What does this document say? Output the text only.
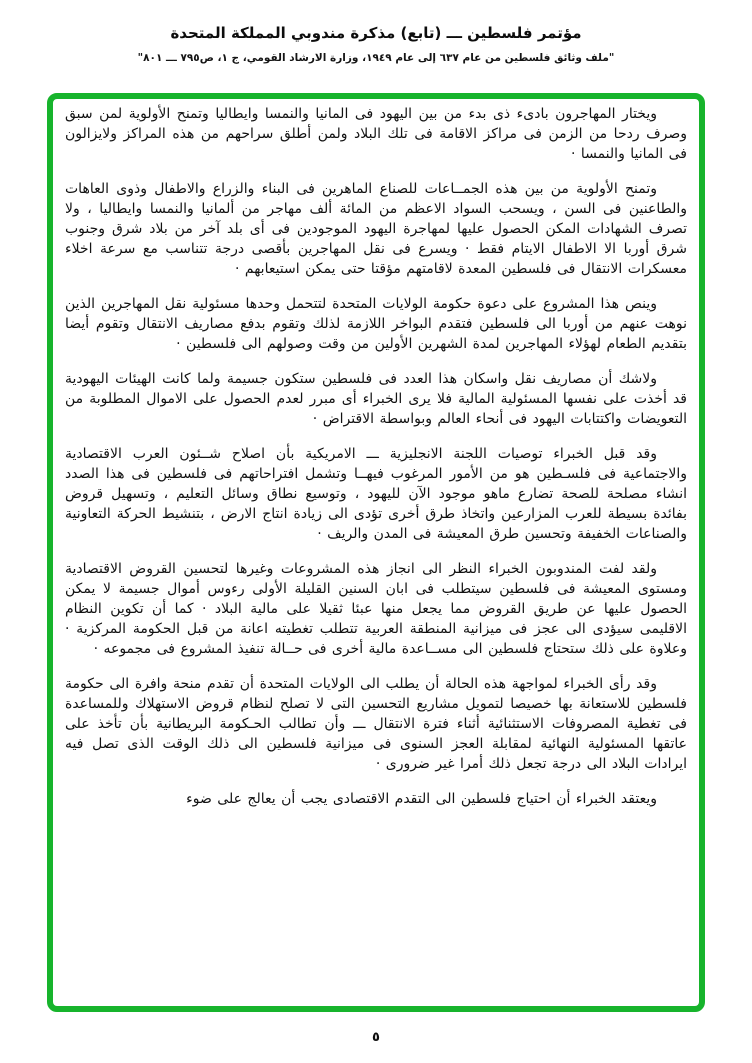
مؤتمر فلسطين ـــ (تابع) مذكرة مندوبي المملكة المتحدة
"ملف وثائق فلسطين من عام ٦٣٧ إلى عام ١٩٤٩، وزارة الارشاد القومي، ج ١، ص٧٩٥ ـــ ٨٠١"

ويختار المهاجرون بادىء ذى بدء من بين اليهود فى المانيا والنمسا وايطاليا وتمنح الأولوية لمن سبق وصرف ردحا من الزمن فى مراكز الاقامة فى تلك البلاد ولمن أطلق سراحهم من هذه المراكز ولايزالون فى المانيا والنمسا ·

وتمنح الأولوية من بين هذه الجمــاعات للصناع الماهرين فى البناء والزراع والاطفال وذوى العاهات والطاعنين فى السن ، ويسحب السواد الاعظم من المائة ألف مهاجر من ألمانيا والنمسا وايطاليا ، ولا تصرف الشهادات المكن الحصول عليها لمهاجرة اليهود الموجودين فى أى بلد آخر من بلاد شرق وجنوب شرق أوربا الا الاطفال الايتام فقط · ويسرع فى نقل المهاجرين بأقصى درجة تتناسب مع سرعة اخلاء معسكرات الانتقال فى فلسطين المعدة لاقامتهم مؤقتا حتى يمكن استيعابهم ·

وينص هذا المشروع على دعوة حكومة الولايات المتحدة لتتحمل وحدها مسئولية نقل المهاجرين الذين نوهت عنهم من أوربا الى فلسطين فتقدم البواخر اللازمة لذلك وتقوم بدفع مصاريف الانتقال وتقوم أيضا بتقديم الطعام لهؤلاء المهاجرين لمدة الشهرين الأولين من وقت وصولهم الى فلسطين ·

ولاشك أن مصاريف نقل واسكان هذا العدد فى فلسطين ستكون جسيمة ولما كانت الهيئات اليهودية قد أخذت على نفسها المسئولية المالية فلا يرى الخبراء أى مبرر لعدم الحصول على الاموال المطلوبة من التعويضات واكتتابات اليهود فى أنحاء العالم وبواسطة الاقتراض ·

وقد قبل الخبراء توصيات اللجنة الانجليزية ـــ الامريكية بأن اصلاح شــئون العرب الاقتصادية والاجتماعية فى فلسـطين هو من الأمور المرغوب فيهــا وتشمل افتراحاتهم فى فلسطين فى هذا الصدد انشاء مصلحة للصحة تضارع ماهو موجود الآن لليهود ، وتوسيع نطاق وسائل التعليم ، وتسهيل قروض بفائدة بسيطة للعرب المزارعين واتخاذ طرق أخرى تؤدى الى زيادة انتاج الارض ، بتنشيط الحركة التعاونية والصناعات الخفيفة وتحسين طرق المعيشة فى المدن والريف ·

ولقد لفت المندوبون الخبراء النظر الى انجاز هذه المشروعات وغيرها لتحسين القروض الاقتصادية ومستوى المعيشة فى فلسطين سيتطلب فى ابان السنين القليلة الأولى رءوس أموال جسيمة لا يمكن الحصول عليها عن طريق القروض مما يجعل منها عبئا ثقيلا على مالية البلاد · كما أن تكوين النظام الاقليمى سيؤدى الى عجز فى ميزانية المنطقة العربية تتطلب تغطيته اعانة من قبل الحكومة المركزية · وعلاوة على ذلك ستحتاج فلسطين الى مســاعدة مالية أخرى فى حــالة تنفيذ المشروع فى مجموعه ·

وقد رأى الخبراء لمواجهة هذه الحالة أن يطلب الى الولايات المتحدة أن تقدم منحة وافرة الى حكومة فلسطين للاستعانة بها خصيصا لتمويل مشاريع التحسين التى لا تصلح لنظام قروض الاستهلاك وللمساعدة فى تغطية المصروفات الاستثنائية أثناء فترة الانتقال ـــ وأن تطالب الحـكومة البريطانية بأن تأخذ على عاتقها المسئولية النهائية لمقابلة العجز السنوى فى ميزانية فلسطين الى ذلك الوقت الذى تصل فيه ايرادات البلاد الى درجة تجعل ذلك أمرا غير ضرورى ·

ويعتقد الخبراء أن احتياج فلسطين الى التقدم الاقتصادى يجب أن يعالج على ضوء

٥
